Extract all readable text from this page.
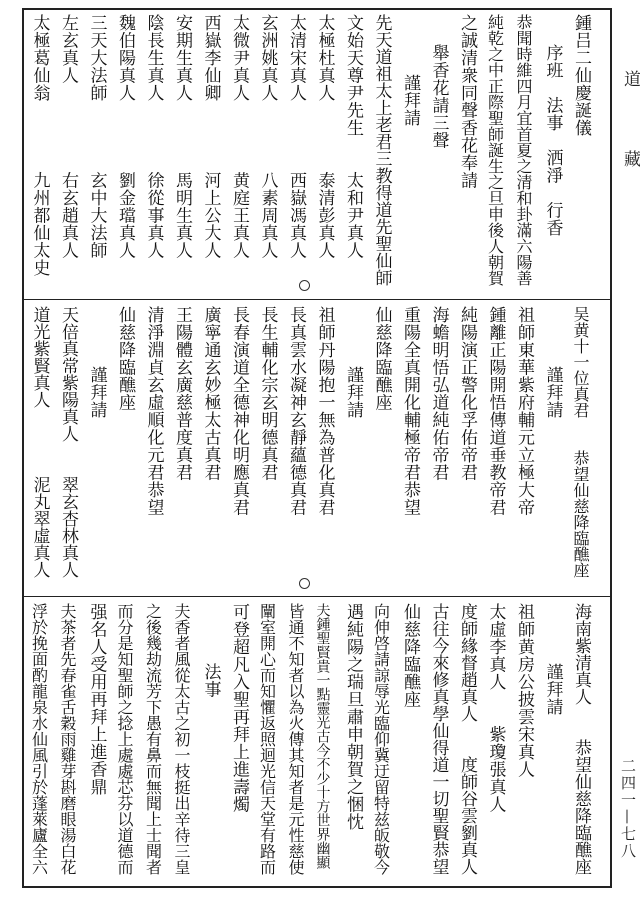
道
藏
二四一—七八
鍾吕二仙慶誕儀
序班　法事　洒淨　行香
恭聞時維四月宜首夏之清和卦滿六陽善
純乾之中正際聖師誕生之旦申後人朝賀
之誠清衆同聲香花奉請
舉香花請三聲
謹拜請
先天道祖太上老君三教得道先聖仙師
文始天尊尹先生　　太和尹真人
太極杜真人　　　　泰清彭真人
太清宋真人　　　　西嶽馮真人
玄洲姚真人　　　　八素周真人
太微尹真人　　　　黄庭王真人
西嶽李仙卿　　　　河上公大人
安期生真人　　　　馬明生真人
陰長生真人　　　　徐從事真人
魏伯陽真人　　　　劉金璫真人
三天大法師　　　　玄中大法師
左玄真人　　　　　右玄趙真人
太極葛仙翁　　　　九州都仙太史
吴黄十一位真君　　恭望仙慈降臨醮座
謹拜請
祖師東華紫府輔元立極大帝
鍾離正陽開悟傳道垂教帝君
純陽演正警化孚佑帝君
海蟾明悟弘道純佑帝君
重陽全真開化輔極帝君恭望
仙慈降臨醮座
謹拜請
祖師丹陽抱一無為普化真君
長真雲水凝神玄靜蘊德真君
長生輔化宗玄明德真君
長春演道全德神化明應真君
廣寧通玄妙極太古真君
王陽體玄廣慈普度真君
清淨淵貞玄虛順化元君恭望
仙慈降臨醮座
謹拜請
天倍真常紫陽真人　　翠玄杏林真人
道光紫賢真人　　　　泥丸翠虛真人
海南紫清真人　　恭望仙慈降臨醮座
謹拜請
祖師黄房公披雲宋真人
太虛李真人　　紫瓊張真人
度師緣督趙真人　　度師谷雲劉真人
古往今來修真學仙得道一切聖賢恭望
仙慈降臨醮座
向伸啓請諒辱光臨仰冀迂留特兹皈敬今
遇純陽之瑞旦肅申朝賀之悃忱
夫鍾聖賢貴一點靈光古今不少十方世界幽顯
皆通不知者以為火傳其知者是元性慈使
闡室開心而知懼返照迴光信天堂有路而
可登超凡入聖再拜上進壽燭
法事
夫香者風從太古之初一枝挺出辛待三皇
之後幾劫流芳下愚有鼻而無聞上士聞者
而分是知聖師之捻上處處芯芬以道德而
强名人受用再拜上進香鼎
夫茶者先春雀舌穀雨雞芽斟磨眼湯白花
浮於挽面酌龍泉水仙風引於蓬萊廬全六
